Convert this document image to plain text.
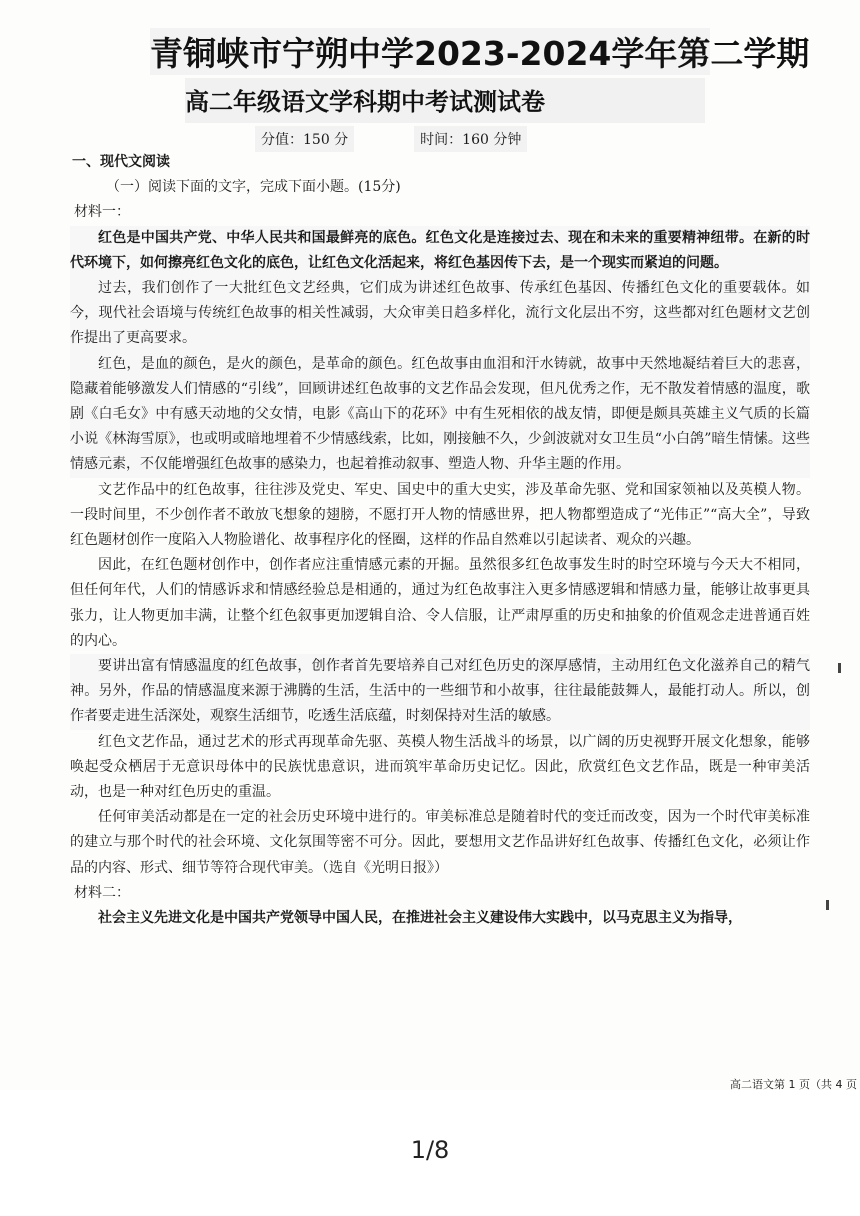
青铜峡市宁朔中学2023-2024学年第二学期
高二年级语文学科期中考试测试卷
分值：150 分	时间：160 分钟
一、现代文阅读
（一）阅读下面的文字，完成下面小题。(15分)
材料一：

红色是中国共产党、中华人民共和国最鲜亮的底色。红色文化是连接过去、现在和未来的重要精神纽带。在新的时代环境下，如何擦亮红色文化的底色，让红色文化活起来，将红色基因传下去，是一个现实而紧迫的问题。

过去，我们创作了一大批红色文艺经典，它们成为讲述红色故事、传承红色基因、传播红色文化的重要载体。如今，现代社会语境与传统红色故事的相关性减弱，大众审美日趋多样化，流行文化层出不穷，这些都对红色题材文艺创作提出了更高要求。

红色，是血的颜色，是火的颜色，是革命的颜色。红色故事由血泪和汗水铸就，故事中天然地凝结着巨大的悲喜，隐藏着能够激发人们情感的“引线”，回顾讲述红色故事的文艺作品会发现，但凡优秀之作，无不散发着情感的温度，歌剧《白毛女》中有感天动地的父女情，电影《高山下的花环》中有生死相依的战友情，即便是颇具英雄主义气质的长篇小说《林海雪原》，也或明或暗地埋着不少情感线索，比如，刚接触不久，少剑波就对女卫生员“小白鸽”暗生情愫。这些情感元素，不仅能增强红色故事的感染力，也起着推动叙事、塑造人物、升华主题的作用。

文艺作品中的红色故事，往往涉及党史、军史、国史中的重大史实，涉及革命先驱、党和国家领袖以及英模人物。一段时间里，不少创作者不敢放飞想象的翅膀，不愿打开人物的情感世界，把人物都塑造成了“光伟正”“高大全”，导致红色题材创作一度陷入人物脸谱化、故事程序化的怪圈，这样的作品自然难以引起读者、观众的兴趣。

因此，在红色题材创作中，创作者应注重情感元素的开掘。虽然很多红色故事发生时的时空环境与今天大不相同，但任何年代，人们的情感诉求和情感经验总是相通的，通过为红色故事注入更多情感逻辑和情感力量，能够让故事更具张力，让人物更加丰满，让整个红色叙事更加逻辑自洽、令人信服，让严肃厚重的历史和抽象的价值观念走进普通百姓的内心。

要讲出富有情感温度的红色故事，创作者首先要培养自己对红色历史的深厚感情，主动用红色文化滋养自己的精气神。另外，作品的情感温度来源于沸腾的生活，生活中的一些细节和小故事，往往最能鼓舞人，最能打动人。所以，创作者要走进生活深处，观察生活细节，吃透生活底蕴，时刻保持对生活的敏感。

红色文艺作品，通过艺术的形式再现革命先驱、英模人物生活战斗的场景，以广阔的历史视野开展文化想象，能够唤起受众栖居于无意识母体中的民族忧患意识，进而筑牢革命历史记忆。因此，欣赏红色文艺作品，既是一种审美活动，也是一种对红色历史的重温。

任何审美活动都是在一定的社会历史环境中进行的。审美标准总是随着时代的变迁而改变，因为一个时代审美标准的建立与那个时代的社会环境、文化氛围等密不可分。因此，要想用文艺作品讲好红色故事、传播红色文化，必须让作品的内容、形式、细节等符合现代审美。（选自《光明日报》）

材料二：

社会主义先进文化是中国共产党领导中国人民，在推进社会主义建设伟大实践中，以马克思主义为指导，

高二语文第 1 页（共 4 页
1/8
